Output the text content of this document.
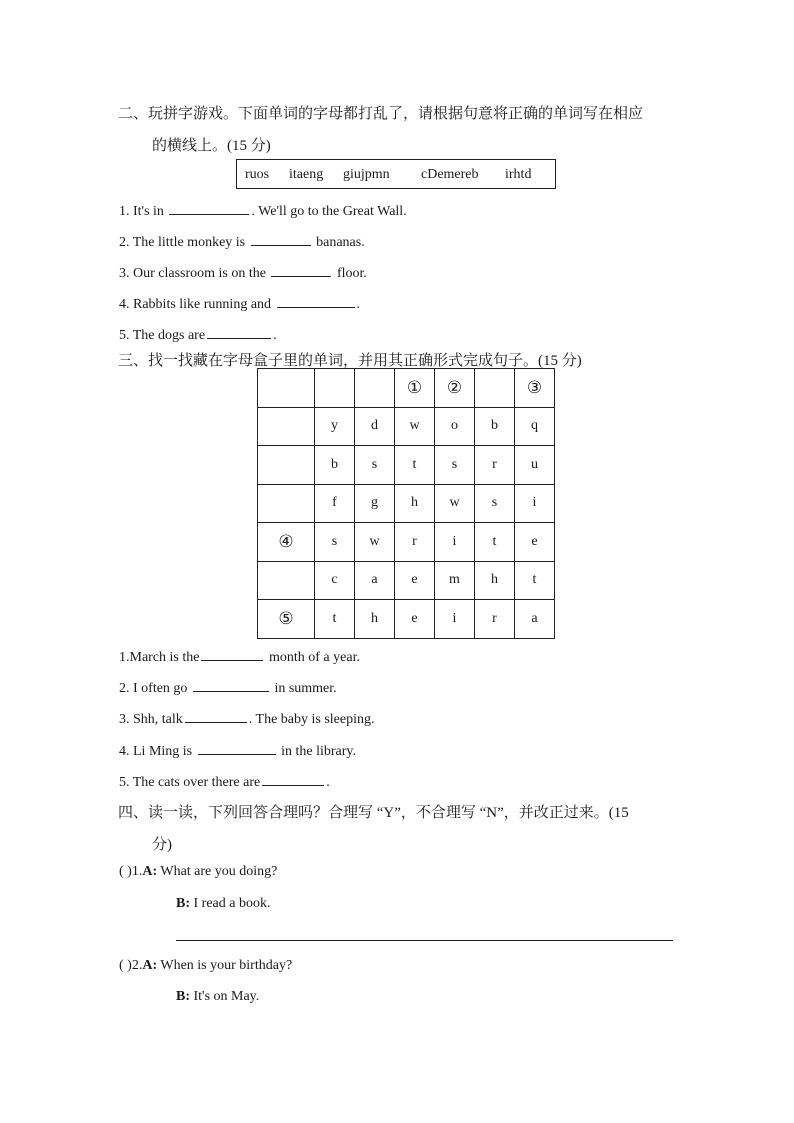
二、玩拼字游戏。下面单词的字母都打乱了，请根据句意将正确的单词写在相应
的横线上。(15 分)
ruos itaeng giujpmn cDemereb irhtd
1. It's in	. We'll go to the Great Wall.
2. The little monkey is	bananas.
3. Our classroom is on the	floor.
4. Rabbits like running and	.
5. The dogs are	.
三、找一找藏在字母盒子里的单词，并用其正确形式完成句子。(15 分)
			①	②		③
	y	d	w	o	b	q
	b	s	t	s	r	u
	f	g	h	w	s	i
④	s	w	r	i	t	e
	c	a	e	m	h	t
⑤	t	h	e	i	r	a
1.March is the	month of a year.
2. I often go	in summer.
3. Shh, talk	. The baby is sleeping.
4. Li Ming is	in the library.
5. The cats over there are	.
四、读一读，下列回答合理吗？合理写 “Y”，不合理写 “N”，并改正过来。(15
分)
( )1.A: What are you doing?
B: I read a book.
( )2.A: When is your birthday?
B: It's on May.
